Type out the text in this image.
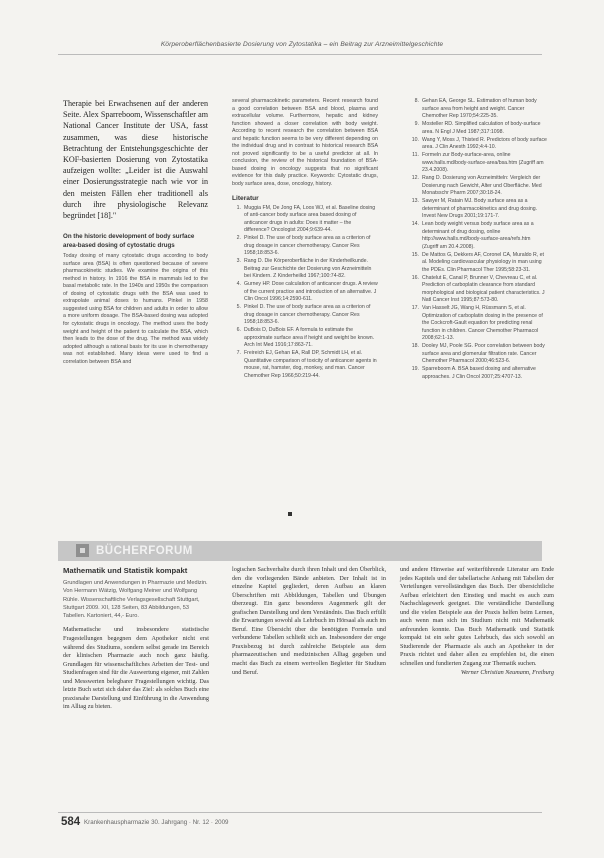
Körperoberflächenbasierte Dosierung von Zytostatika – ein Beitrag zur Arzneimittelgeschichte

Therapie bei Erwachsenen auf der anderen Seite. Alex Sparreboom, Wissenschaftler am National Cancer Institute der USA, fasst zusammen, was diese historische Betrachtung der Entstehungsgeschichte der KOF-basierten Dosierung von Zytostatika aufzeigen wollte: „Leider ist die Auswahl einer Dosierungsstrategie nach wie vor in den meisten Fällen eher traditionell als durch ihre physiologische Relevanz begründet [18]."

On the historic development of body surface area-based dosing of cytostatic drugs

Today dosing of many cytostatic drugs according to body surface area (BSA) is often questioned because of severe pharmacokinetic studies. We examine the origins of this method in history. In 1916 the BSA in mammals led to the basal metabolic rate. In the 1940s and 1950s the comparison of dosing of cytostatic drugs with the BSA was used to extrapolate animal doses to humans. Pinkel in 1958 suggested using BSA for children and adults in order to allow a more uniform dosage. The BSA-based dosing was adopted for cytostatic drugs in oncology. The method uses the body weight and height of the patient to calculate the BSA, which then leads to the dose of the drug. The method was widely adopted although a rational basis for its use in chemotherapy was not established. Many ideas were used to find a correlation between BSA and

several pharmacokinetic parameters. Recent research found a good correlation between BSA and blood, plasma and extracellular volume. Furthermore, hepatic and kidney function showed a closer correlation with body weight. According to recent research the correlation between BSA and hepatic function seems to be very different depending on the individual drug and in contrast to historical research BSA not proved significantly to be a useful predictor at all. In conclusion, the review of the historical foundation of BSA-based dosing in oncology suggests that no significant evidence for this daily practice. Keywords: Cytostatic drugs, body surface area, dose, oncology, history.

Literatur
1. Muggia FM, De Jong FA, Loos WJ, et al. Baseline dosing of anti-cancer body surface area based dosing of anticancer drugs in adults: Does it matter – the difference? Oncologist 2004;9:639-44.
2. Pinkel D. The use of body surface area as a criterion of drug dosage in cancer chemotherapy. Cancer Res 1958;18:853-6.
3. Rang D. Die Körperoberfläche in der Kinderheilkunde. Beitrag zur Geschichte der Dosierung von Arzneimitteln bei Kindern. Z Kinderheilkd 1967;100:74-82.
4. Gurney HP. Dose calculation of anticancer drugs. A review of the current practice and introduction of an alternative. J Clin Oncol 1996;14:2590-611.
5. Pinkel D. The use of body surface area as a criterion of drug dosage in cancer chemotherapy. Cancer Res 1958;18:853-6.
6. DuBois D, DuBois EF. A formula to estimate the approximate surface area if height and weight be known. Arch Int Med 1916;17:863-71.
7. Freireich EJ, Gehan EA, Rall DP, Schmidt LH, et al. Quantitative comparison of toxicity of anticancer agents in mouse, rat, hamster, dog, monkey, and man. Cancer Chemother Rep 1966;50:219-44.
8. Gehan EA, George SL. Estimation of human body surface area from height and weight. Cancer Chemother Rep 1970;54:225-35.
9. Mosteller RD. Simplified calculation of body-surface area. N Engl J Med 1987;317:1098.
10. Wang Y, Moss J, Thisted R. Predictors of body surface area. J Clin Anesth 1992;4:4-10.
11. Formeln zur Body-surface-area, online www.halls.md/body-surface-area/bsa.htm (Zugriff am 23.4.2008).
12. Rang D. Dosierung von Arzneimitteln: Vergleich der Dosierung nach Gewicht, Alter und Oberfläche. Med Monatsschr Pharm 2007;30:18-24.
13. Sawyer M, Ratain MJ. Body surface area as a determinant of pharmacokinetics and drug dosing. Invest New Drugs 2001;19:171-7.
14. Lean body weight versus body surface area as a determinant of drug dosing, online http://www.halls.md/body-surface-area/refs.htm (Zugriff am 20.4.2008).
15. De Mattos G, Dekkers AF, Coronel CA, Muraldo R, et al. Modeling cardiovascular physiology in man using the PDEs. Clin Pharmacol Ther 1995;58:23-31.
16. Chatelut E, Canal P, Brunner V, Chevreau C, et al. Prediction of carboplatin clearance from standard morphological and biological patient characteristics. J Natl Cancer Inst 1995;87:573-80.
17. Van Hasselt JG, Wang H, Rüssmann S, et al. Optimization of carboplatin dosing in the presence of the Cockcroft-Gault equation for predicting renal function in children. Cancer Chemother Pharmacol 2008;62:1-13.
18. Dooley MJ, Poole SG. Poor correlation between body surface area and glomerular filtration rate. Cancer Chemother Pharmacol 2000;46:523-6.
19. Sparreboom A. BSA based dosing and alternative approaches. J Clin Oncol 2007;25:4707-13.
BÜCHERFORUM
Mathematik und Statistik kompakt
Grundlagen und Anwendungen in Pharmazie und Medizin. Von Hermann Wätzig, Wolfgang Meiner und Wolfgang Rühle. Wissenschaftliche Verlagsgesellschaft Stuttgart, Stuttgart 2009. XII, 128 Seiten, 83 Abbildungen, 53 Tabellen. Kartoniert, 44,- Euro.

Mathematische und insbesondere statistische Fragestellungen begegnen dem Apotheker nicht erst während des Studiums, sondern selbst gerade im Bereich der klinischen Pharmazie auch noch ganz häufig. Grundlagen für wissenschaftliches Arbeiten der Test- und Studienfragen sind für die Auswertung eigener, mit Zahlen und Messwerten belegbarer Fragestellungen wichtig. Das letzte Buch setzt sich daher das Ziel: als solches Buch eine praxisnahe Darstellung und Einführung in die Anwendung im Alltag zu bieten.

logischen Sachverhalte durch ihren Inhalt und den Überblick, den die vorliegenden Bände anbieten. Der Inhalt ist in einzelne Kapitel gegliedert, deren Aufbau an klaren Überschriften mit Abbildungen, Tabellen und Übungen überzeugt. Ein ganz besonderes Augenmerk gilt der grafischen Darstellung und dem Verständnis. Das Buch erfüllt die Erwartungen sowohl als Lehrbuch im Hörsaal als auch im Beruf. Eine Übersicht über die benötigten Formeln und verbundene Tabellen schließt sich an. Insbesondere der enge Praxisbezug ist durch zahlreiche Beispiele aus dem pharmazeutischen und medizinischen Alltag gegeben und macht das Buch zu einem wertvollen Begleiter für Studium und Beruf.

und andere Hinweise auf weiterführende Literatur am Ende jedes Kapitels und der tabellarische Anhang mit Tabellen der Verteilungen vervollständigen das Buch. Der übersichtliche Aufbau erleichtert den Einstieg und macht es auch zum Nachschlagewerk geeignet. Die verständliche Darstellung und die vielen Beispiele aus der Praxis helfen beim Lernen, auch wenn man sich im Studium nicht mit Mathematik anfreunden konnte. Das Buch Mathematik und Statistik kompakt ist ein sehr gutes Lehrbuch, das sich sowohl an Studierende der Pharmazie als auch an Apotheker in der Praxis richtet und daher allen zu empfehlen ist, die einen schnellen und fundierten Zugang zur Thematik suchen.

Werner Christian Neumann, Freiburg

584 Krankenhauspharmazie 30. Jahrgang · Nr. 12 · 2009
